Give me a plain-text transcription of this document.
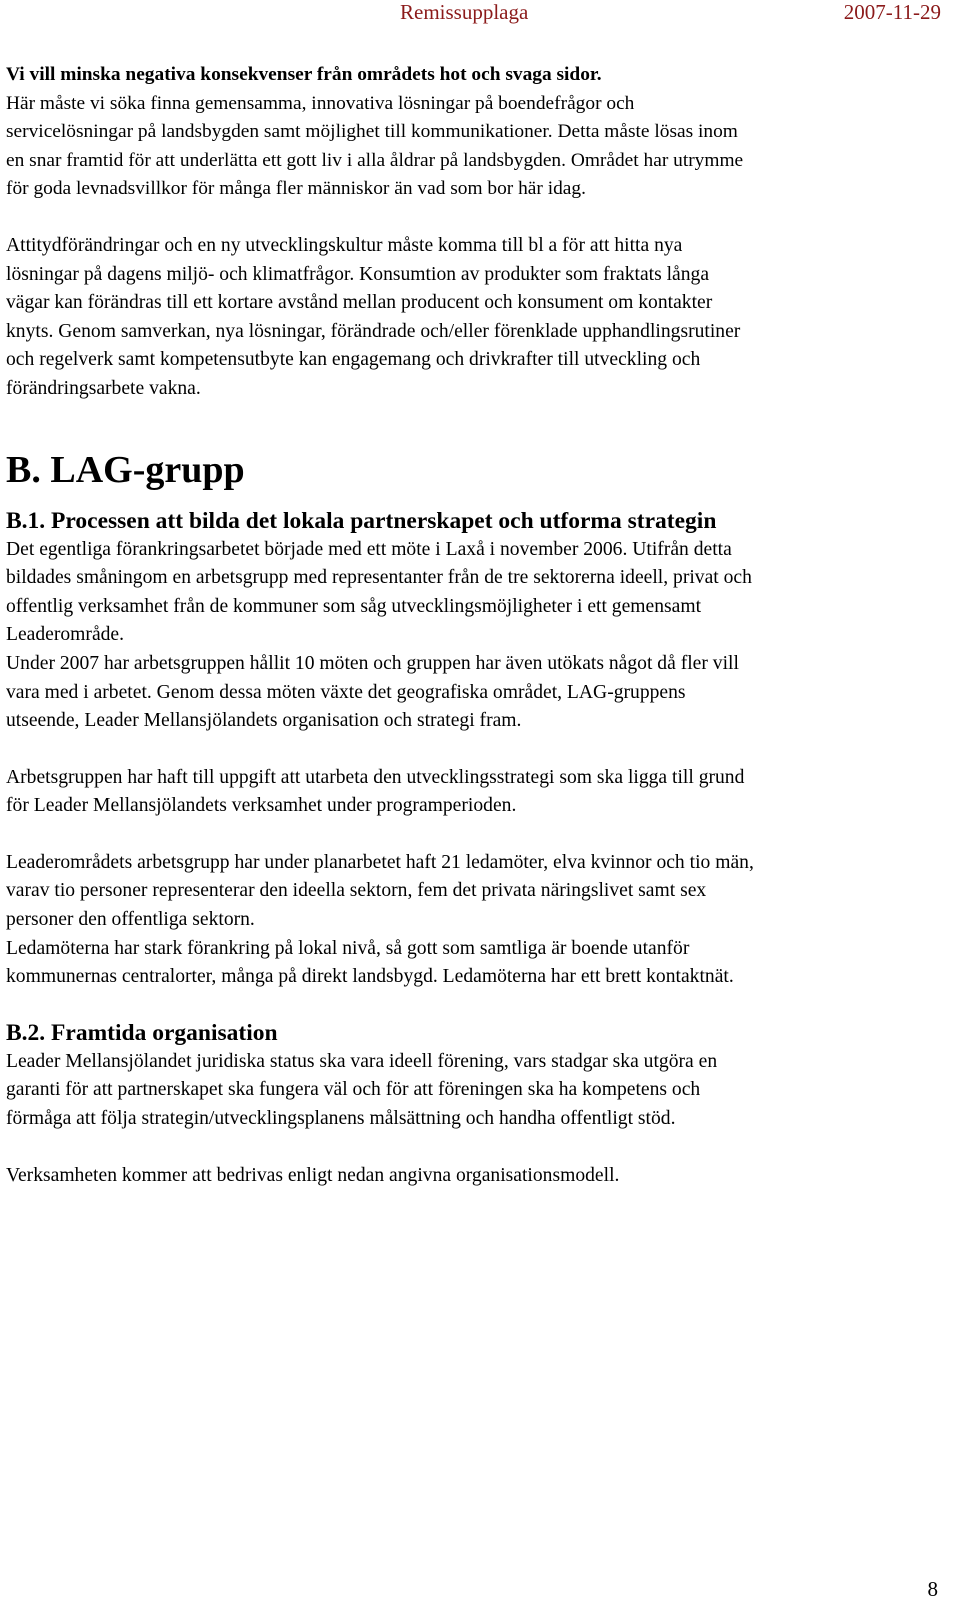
Remissupplaga	2007-11-29

Vi vill minska negativa konsekvenser från områdets hot och svaga sidor.

Här måste vi söka finna gemensamma, innovativa lösningar på boendefrågor och
servicelösningar på landsbygden samt möjlighet till kommunikationer. Detta måste lösas inom
en snar framtid för att underlätta ett gott liv i alla åldrar på landsbygden. Området har utrymme
för goda levnadsvillkor för många fler människor än vad som bor här idag.

Attitydförändringar och en ny utvecklingskultur måste komma till bl a för att hitta nya
lösningar på dagens miljö- och klimatfrågor. Konsumtion av produkter som fraktats långa
vägar kan förändras till ett kortare avstånd mellan producent och konsument om kontakter
knyts. Genom samverkan, nya lösningar, förändrade och/eller förenklade upphandlingsrutiner
och regelverk samt kompetensutbyte kan engagemang och drivkrafter till utveckling och
förändringsarbete vakna.

B. LAG-grupp
B.1. Processen att bilda det lokala partnerskapet och utforma strategin

Det egentliga förankringsarbetet började med ett möte i Laxå i november 2006. Utifrån detta
bildades småningom en arbetsgrupp med representanter från de tre sektorerna ideell, privat och
offentlig verksamhet från de kommuner som såg utvecklingsmöjligheter i ett gemensamt
Leaderområde.
Under 2007 har arbetsgruppen hållit 10 möten och gruppen har även utökats något då fler vill
vara med i arbetet. Genom dessa möten växte det geografiska området, LAG-gruppens
utseende, Leader Mellansjölandets organisation och strategi fram.

Arbetsgruppen har haft till uppgift att utarbeta den utvecklingsstrategi som ska ligga till grund
för Leader Mellansjölandets verksamhet under programperioden.

Leaderområdets arbetsgrupp har under planarbetet haft 21 ledamöter, elva kvinnor och tio män,
varav tio personer representerar den ideella sektorn, fem det privata näringslivet samt sex
personer den offentliga sektorn.
Ledamöterna har stark förankring på lokal nivå, så gott som samtliga är boende utanför
kommunernas centralorter, många på direkt landsbygd. Ledamöterna har ett brett kontaktnät.

B.2. Framtida organisation

Leader Mellansjölandet juridiska status ska vara ideell förening, vars stadgar ska utgöra en
garanti för att partnerskapet ska fungera väl och för att föreningen ska ha kompetens och
förmåga att följa strategin/utvecklingsplanens målsättning och handha offentligt stöd.

Verksamheten kommer att bedrivas enligt nedan angivna organisationsmodell.

8
